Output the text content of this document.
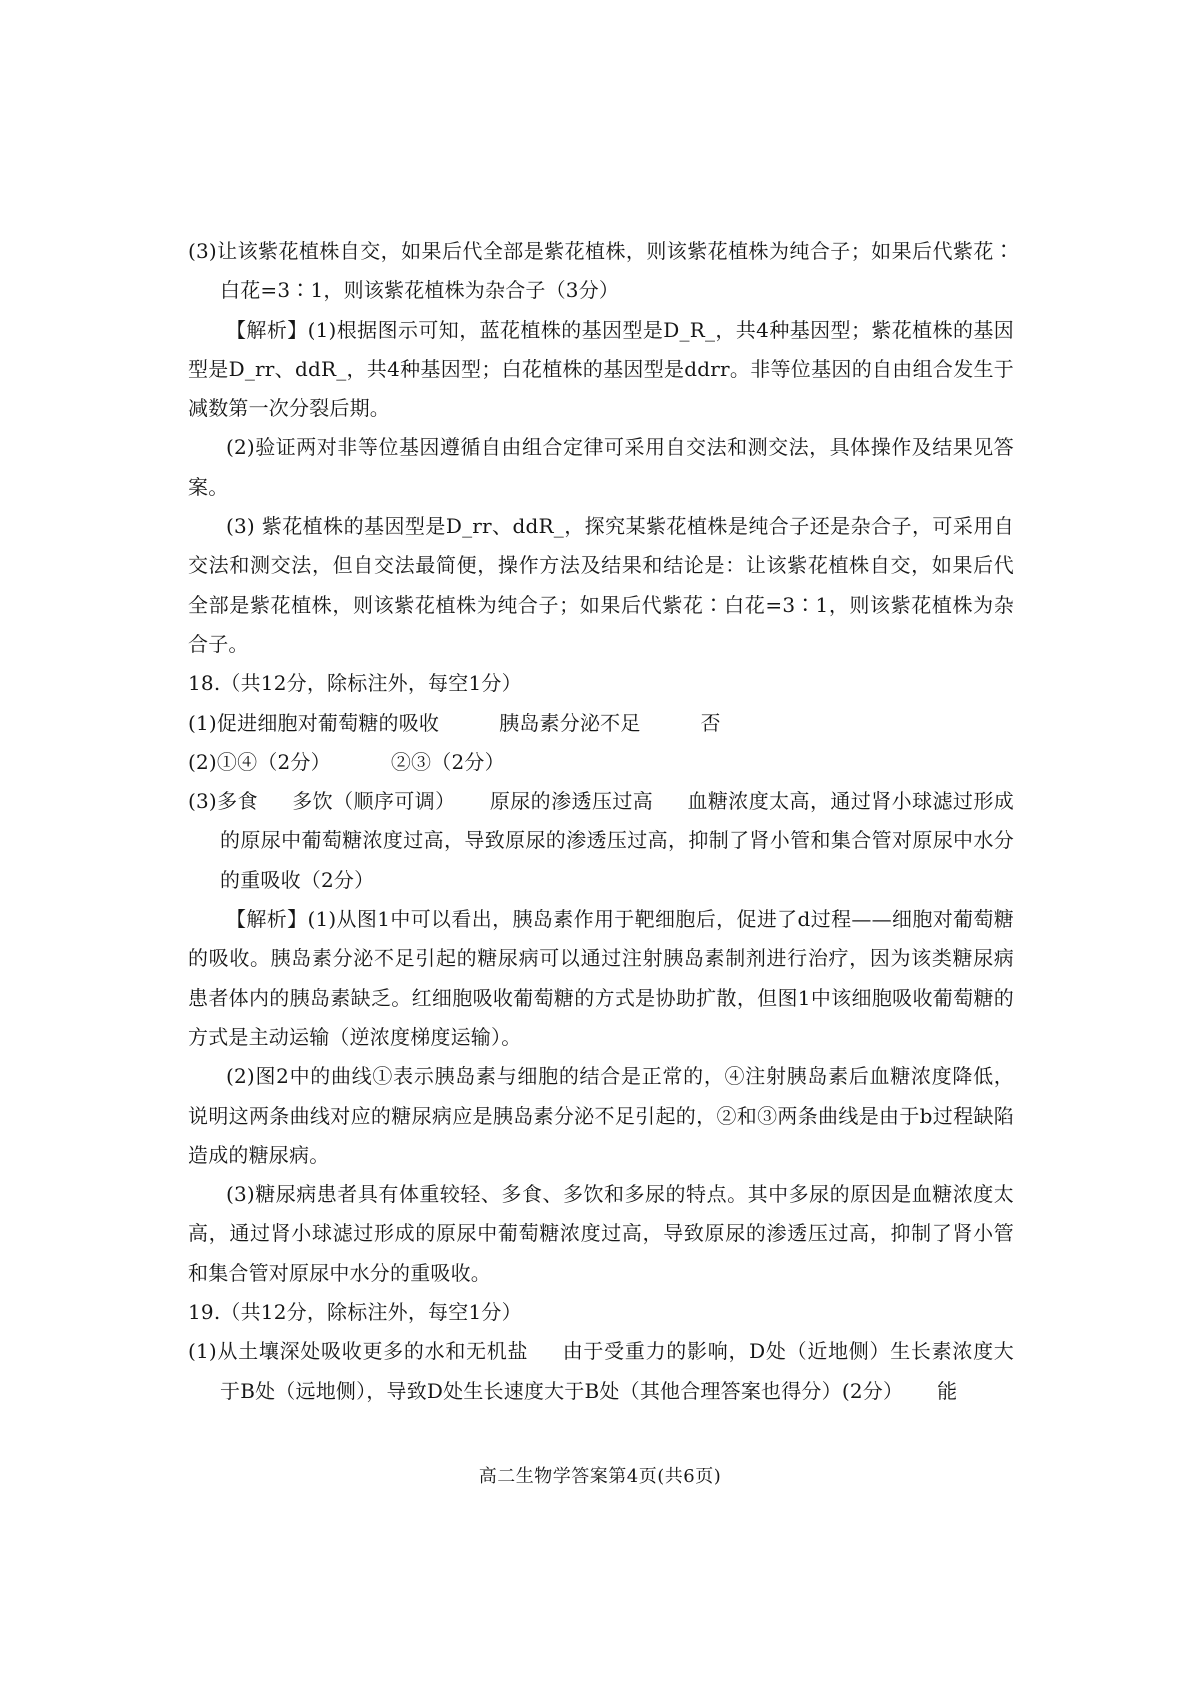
(3)让该紫花植株自交，如果后代全部是紫花植株，则该紫花植株为纯合子；如果后代紫花∶白花=3∶1，则该紫花植株为杂合子（3分）

【解析】(1)根据图示可知，蓝花植株的基因型是D_R_，共4种基因型；紫花植株的基因型是D_rr、ddR_，共4种基因型；白花植株的基因型是ddrr。非等位基因的自由组合发生于减数第一次分裂后期。

(2)验证两对非等位基因遵循自由组合定律可采用自交法和测交法，具体操作及结果见答案。

(3) 紫花植株的基因型是D_rr、ddR_，探究某紫花植株是纯合子还是杂合子，可采用自交法和测交法，但自交法最简便，操作方法及结果和结论是：让该紫花植株自交，如果后代全部是紫花植株，则该紫花植株为纯合子；如果后代紫花∶白花=3∶1，则该紫花植株为杂合子。

18.（共12分，除标注外，每空1分）

(1)促进细胞对葡萄糖的吸收	胰岛素分泌不足	否

(2)①④（2分）	②③（2分）

(3)多食 多饮（顺序可调） 原尿的渗透压过高 血糖浓度太高，通过肾小球滤过形成的原尿中葡萄糖浓度过高，导致原尿的渗透压过高，抑制了肾小管和集合管对原尿中水分的重吸收（2分）

【解析】(1)从图1中可以看出，胰岛素作用于靶细胞后，促进了d过程——细胞对葡萄糖的吸收。胰岛素分泌不足引起的糖尿病可以通过注射胰岛素制剂进行治疗，因为该类糖尿病患者体内的胰岛素缺乏。红细胞吸收葡萄糖的方式是协助扩散，但图1中该细胞吸收葡萄糖的方式是主动运输（逆浓度梯度运输）。

(2)图2中的曲线①表示胰岛素与细胞的结合是正常的，④注射胰岛素后血糖浓度降低，说明这两条曲线对应的糖尿病应是胰岛素分泌不足引起的，②和③两条曲线是由于b过程缺陷造成的糖尿病。

(3)糖尿病患者具有体重较轻、多食、多饮和多尿的特点。其中多尿的原因是血糖浓度太高，通过肾小球滤过形成的原尿中葡萄糖浓度过高，导致原尿的渗透压过高，抑制了肾小管和集合管对原尿中水分的重吸收。

19.（共12分，除标注外，每空1分）

(1)从土壤深处吸收更多的水和无机盐 由于受重力的影响，D处（近地侧）生长素浓度大于B处（远地侧），导致D处生长速度大于B处（其他合理答案也得分）(2分） 能

高二生物学答案第4页(共6页)
